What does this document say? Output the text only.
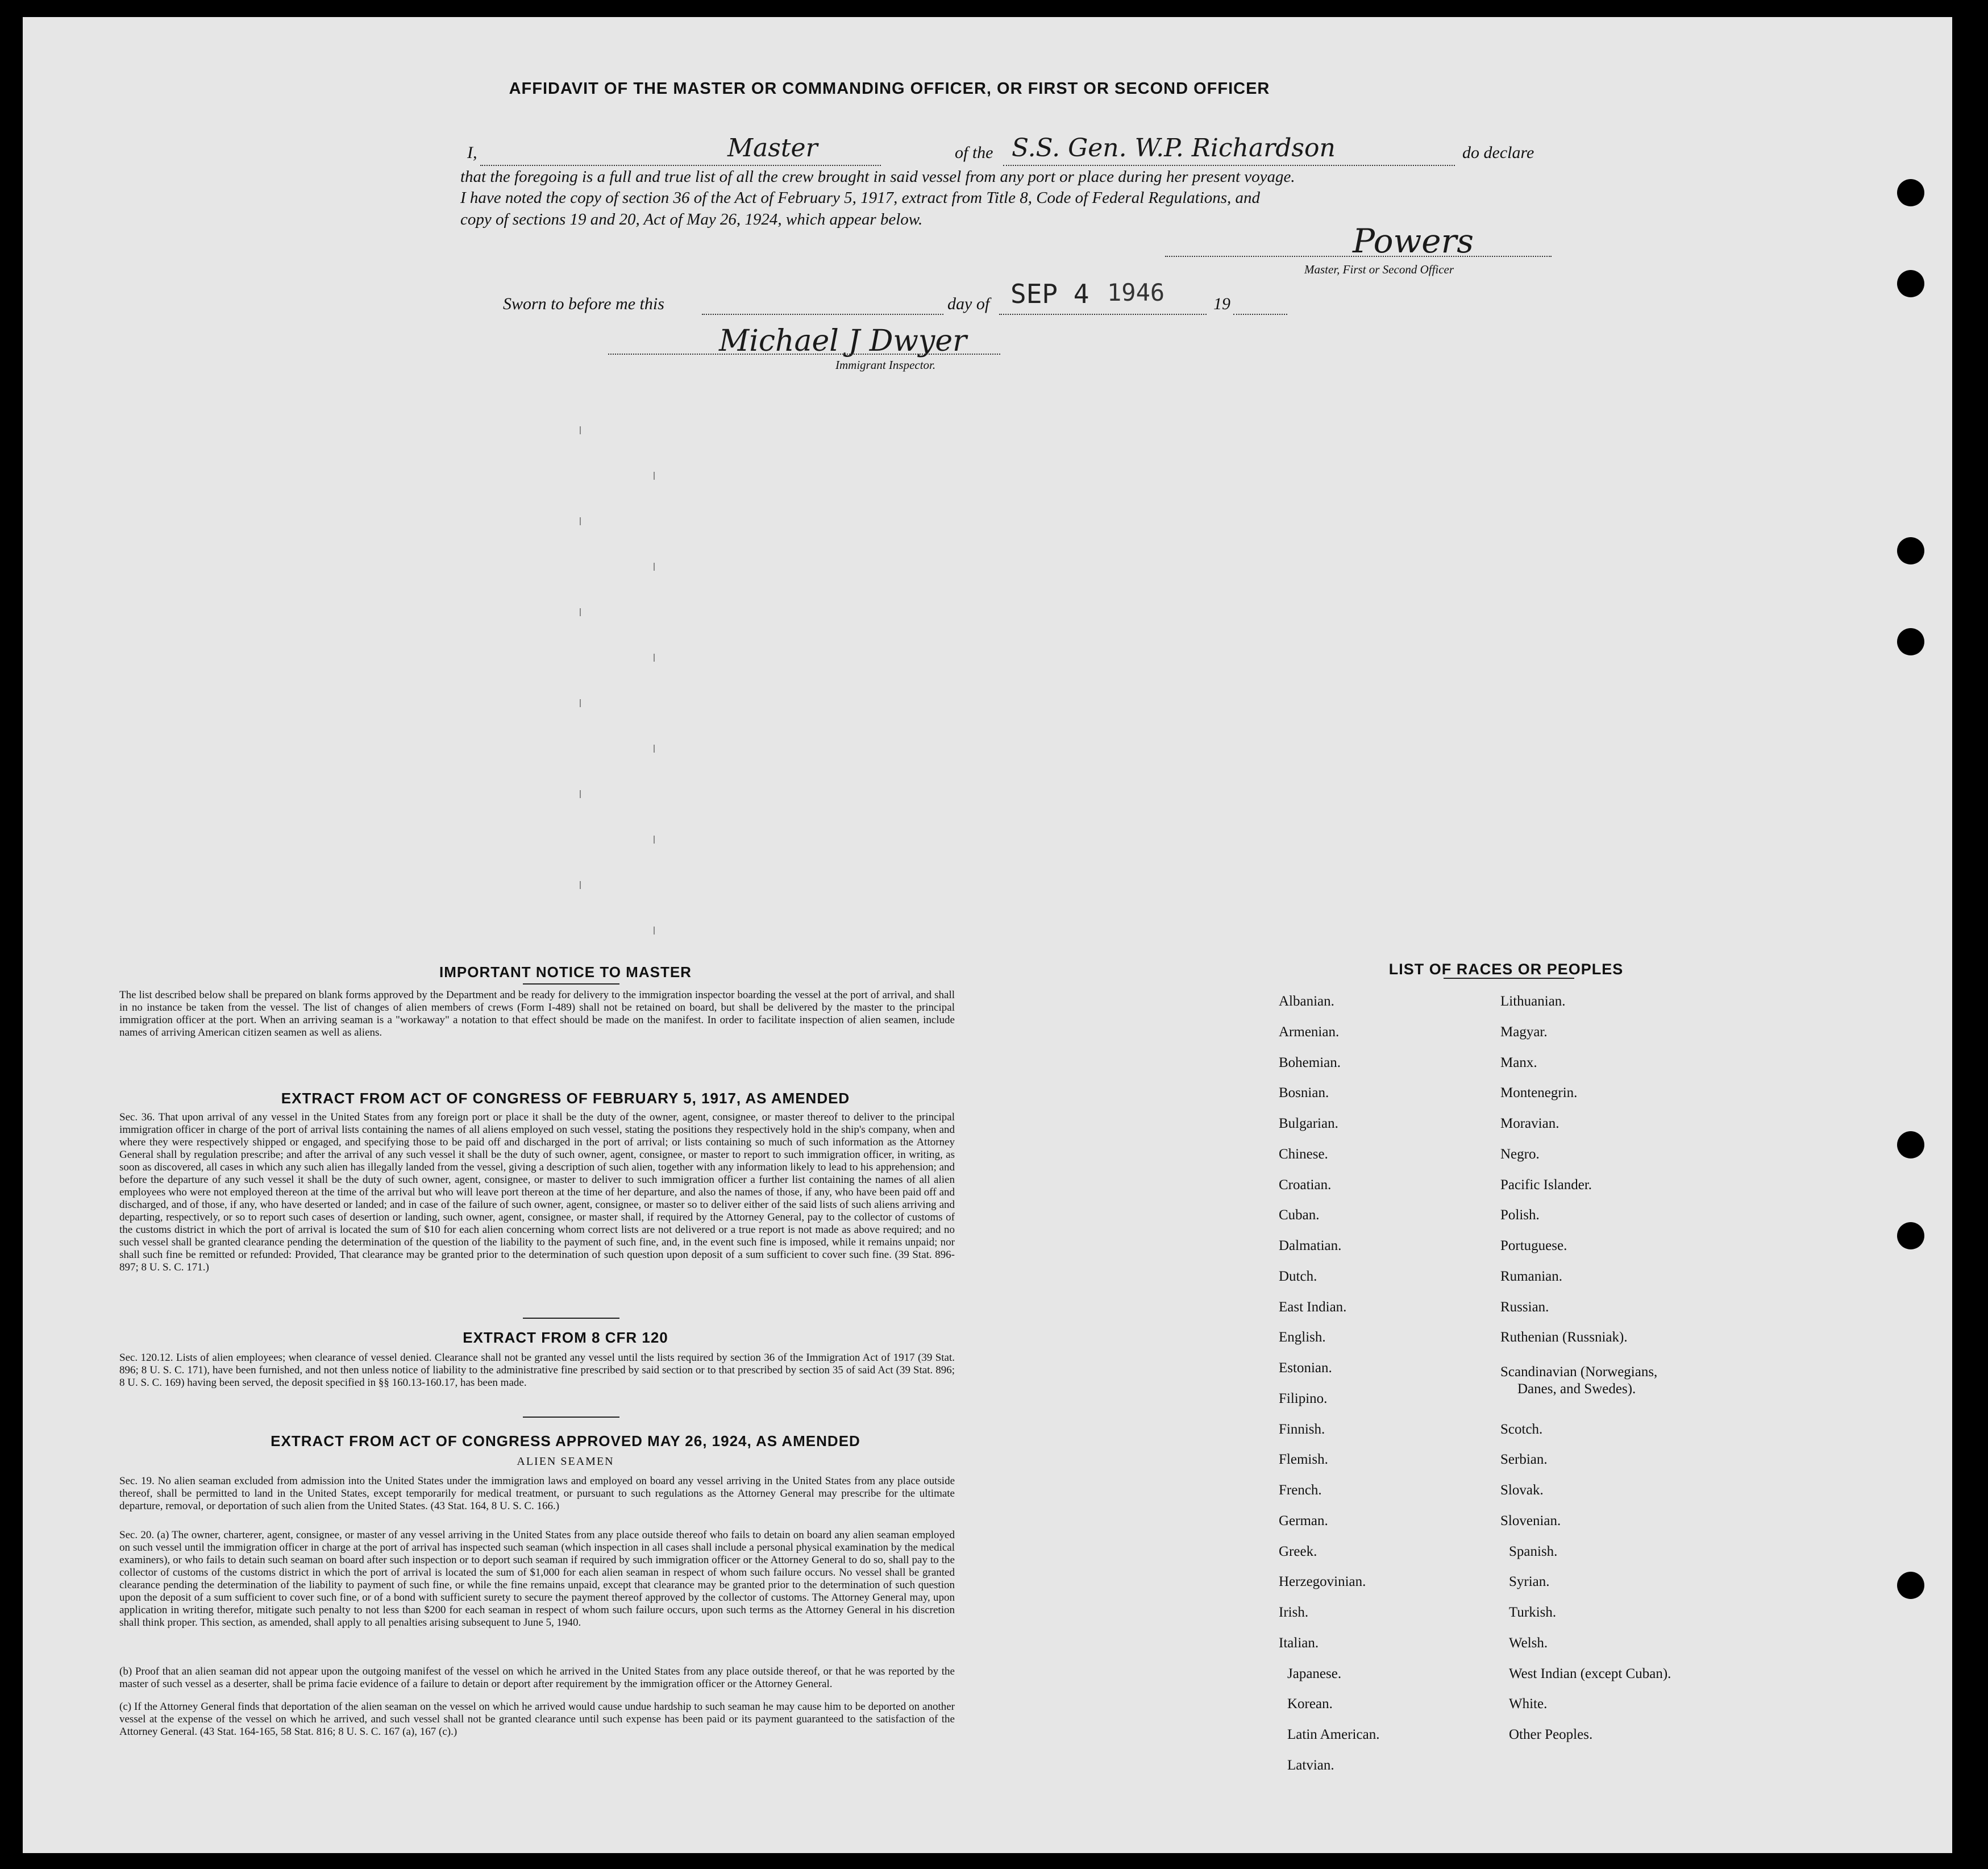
AFFIDAVIT OF THE MASTER OR COMMANDING OFFICER, OR FIRST OR SECOND OFFICER
I,	Master	of the S.S. Gen. W.P. Richardson	do declare
that the foregoing is a full and true list of all the crew brought in said vessel from any port or place during her present voyage.
I have noted the copy of section 36 of the Act of February 5, 1917, extract from Title 8, Code of Federal Regulations, and
copy of sections 19 and 20, Act of May 26, 1924, which appear below.
Powers
Master, First or Second Officer
Sworn to before me this	day of SEP 4 1946	19
Michael J Dwyer
Immigrant Inspector.
IMPORTANT NOTICE TO MASTER
The list described below shall be prepared on blank forms approved by the Department and be ready for delivery to the immigration inspector boarding the vessel at the port of arrival, and shall in no instance be taken from the vessel. The list of changes of alien members of crews (Form I-489) shall not be retained on board, but shall be delivered by the master to the principal immigration officer at the port. When an arriving seaman is a "workaway" a notation to that effect should be made on the manifest. In order to facilitate inspection of alien seamen, include names of arriving American citizen seamen as well as aliens.
EXTRACT FROM ACT OF CONGRESS OF FEBRUARY 5, 1917, AS AMENDED
Sec. 36. That upon arrival of any vessel in the United States from any foreign port or place it shall be the duty of the owner, agent, consignee, or master thereof to deliver to the principal immigration officer in charge of the port of arrival lists containing the names of all aliens employed on such vessel, stating the positions they respectively hold in the ship's company, when and where they were respectively shipped or engaged, and specifying those to be paid off and discharged in the port of arrival; or lists containing so much of such information as the Attorney General shall by regulation prescribe; and after the arrival of any such vessel it shall be the duty of such owner, agent, consignee, or master to report to such immigration officer, in writing, as soon as discovered, all cases in which any such alien has illegally landed from the vessel, giving a description of such alien, together with any information likely to lead to his apprehension; and before the departure of any such vessel it shall be the duty of such owner, agent, consignee, or master to deliver to such immigration officer a further list containing the names of all alien employees who were not employed thereon at the time of the arrival but who will leave port thereon at the time of her departure, and also the names of those, if any, who have been paid off and discharged, and of those, if any, who have deserted or landed; and in case of the failure of such owner, agent, consignee, or master so to deliver either of the said lists of such aliens arriving and departing, respectively, or so to report such cases of desertion or landing, such owner, agent, consignee, or master shall, if required by the Attorney General, pay to the collector of customs of the customs district in which the port of arrival is located the sum of $10 for each alien concerning whom correct lists are not delivered or a true report is not made as above required; and no such vessel shall be granted clearance pending the determination of the question of the liability to the payment of such fine, and, in the event such fine is imposed, while it remains unpaid; nor shall such fine be remitted or refunded: Provided, That clearance may be granted prior to the determination of such question upon deposit of a sum sufficient to cover such fine. (39 Stat. 896-897; 8 U. S. C. 171.)
EXTRACT FROM 8 CFR 120
Sec. 120.12. Lists of alien employees; when clearance of vessel denied. Clearance shall not be granted any vessel until the lists required by section 36 of the Immigration Act of 1917 (39 Stat. 896; 8 U. S. C. 171), have been furnished, and not then unless notice of liability to the administrative fine prescribed by said section or to that prescribed by section 35 of said Act (39 Stat. 896; 8 U. S. C. 169) having been served, the deposit specified in §§ 160.13-160.17, has been made.
EXTRACT FROM ACT OF CONGRESS APPROVED MAY 26, 1924, AS AMENDED
ALIEN SEAMEN
Sec. 19. No alien seaman excluded from admission into the United States under the immigration laws and employed on board any vessel arriving in the United States from any place outside thereof, shall be permitted to land in the United States, except temporarily for medical treatment, or pursuant to such regulations as the Attorney General may prescribe for the ultimate departure, removal, or deportation of such alien from the United States. (43 Stat. 164, 8 U. S. C. 166.)
Sec. 20. (a) The owner, charterer, agent, consignee, or master of any vessel arriving in the United States from any place outside thereof who fails to detain on board any alien seaman employed on such vessel until the immigration officer in charge at the port of arrival has inspected such seaman (which inspection in all cases shall include a personal physical examination by the medical examiners), or who fails to detain such seaman on board after such inspection or to deport such seaman if required by such immigration officer or the Attorney General to do so, shall pay to the collector of customs of the customs district in which the port of arrival is located the sum of $1,000 for each alien seaman in respect of whom such failure occurs. No vessel shall be granted clearance pending the determination of the liability to payment of such fine, or while the fine remains unpaid, except that clearance may be granted prior to the determination of such question upon the deposit of a sum sufficient to cover such fine, or of a bond with sufficient surety to secure the payment thereof approved by the collector of customs. The Attorney General may, upon application in writing therefor, mitigate such penalty to not less than $200 for each seaman in respect of whom such failure occurs, upon such terms as the Attorney General in his discretion shall think proper. This section, as amended, shall apply to all penalties arising subsequent to June 5, 1940.
(b) Proof that an alien seaman did not appear upon the outgoing manifest of the vessel on which he arrived in the United States from any place outside thereof, or that he was reported by the master of such vessel as a deserter, shall be prima facie evidence of a failure to detain or deport after requirement by the immigration officer or the Attorney General.
(c) If the Attorney General finds that deportation of the alien seaman on the vessel on which he arrived would cause undue hardship to such seaman he may cause him to be deported on another vessel at the expense of the vessel on which he arrived, and such vessel shall not be granted clearance until such expense has been paid or its payment guaranteed to the satisfaction of the Attorney General. (43 Stat. 164-165, 58 Stat. 816; 8 U. S. C. 167 (a), 167 (c).)
LIST OF RACES OR PEOPLES
Albanian.
Armenian.
Bohemian.
Bosnian.
Bulgarian.
Chinese.
Croatian.
Cuban.
Dalmatian.
Dutch.
East Indian.
English.
Estonian.
Filipino.
Finnish.
Flemish.
French.
German.
Greek.
Herzegovinian.
Irish.
Italian.
Japanese.
Korean.
Latin American.
Latvian.
Lithuanian.
Magyar.
Manx.
Montenegrin.
Moravian.
Negro.
Pacific Islander.
Polish.
Portuguese.
Rumanian.
Russian.
Ruthenian (Russniak).
Scandinavian (Norwegians,
Danes, and Swedes).
Scotch.
Serbian.
Slovak.
Slovenian.
Spanish.
Syrian.
Turkish.
Welsh.
West Indian (except Cuban).
White.
Other Peoples.
